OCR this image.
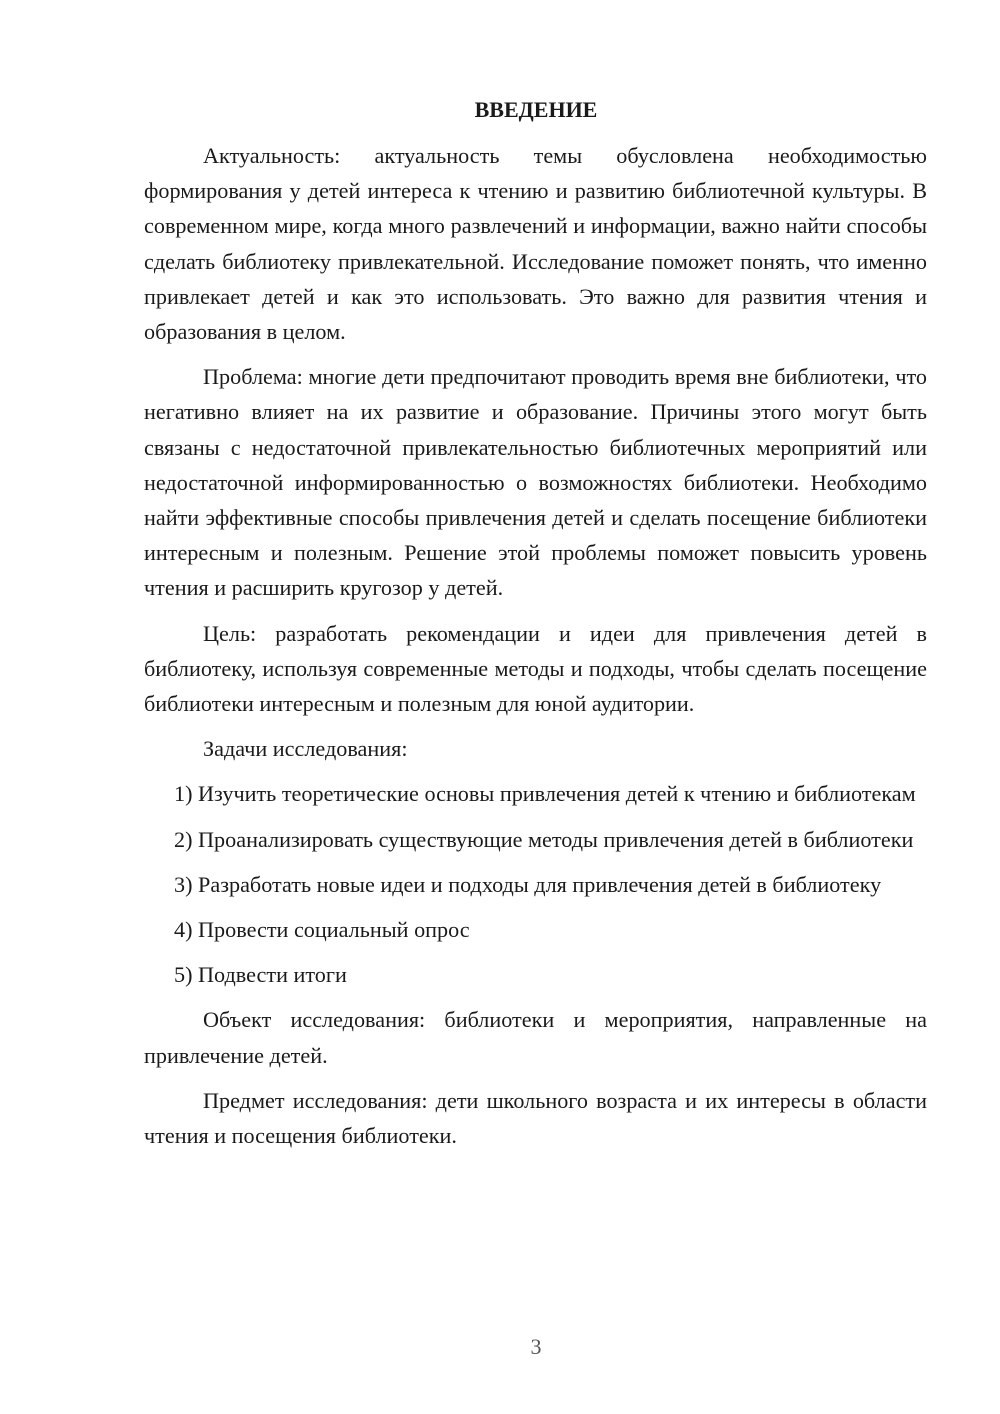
ВВЕДЕНИЕ

Актуальность: актуальность темы обусловлена необходимостью формирования у детей интереса к чтению и развитию библиотечной культуры. В современном мире, когда много развлечений и информации, важно найти способы сделать библиотеку привлекательной. Исследование поможет понять, что именно привлекает детей и как это использовать. Это важно для развития чтения и образования в целом.

Проблема: многие дети предпочитают проводить время вне библиотеки, что негативно влияет на их развитие и образование. Причины этого могут быть связаны с недостаточной привлекательностью библиотечных мероприятий или недостаточной информированностью о возможностях библиотеки. Необходимо найти эффективные способы привлечения детей и сделать посещение библиотеки интересным и полезным. Решение этой проблемы поможет повысить уровень чтения и расширить кругозор у детей.

Цель: разработать рекомендации и идеи для привлечения детей в библиотеку, используя современные методы и подходы, чтобы сделать посещение библиотеки интересным и полезным для юной аудитории.

Задачи исследования:

1) Изучить теоретические основы привлечения детей к чтению и библиотекам

2) Проанализировать существующие методы привлечения детей в библиотеки

3) Разработать новые идеи и подходы для привлечения детей в библиотеку

4) Провести социальный опрос

5) Подвести итоги

Объект исследования: библиотеки и мероприятия, направленные на привлечение детей.

Предмет исследования: дети школьного возраста и их интересы в области чтения и посещения библиотеки.

3
